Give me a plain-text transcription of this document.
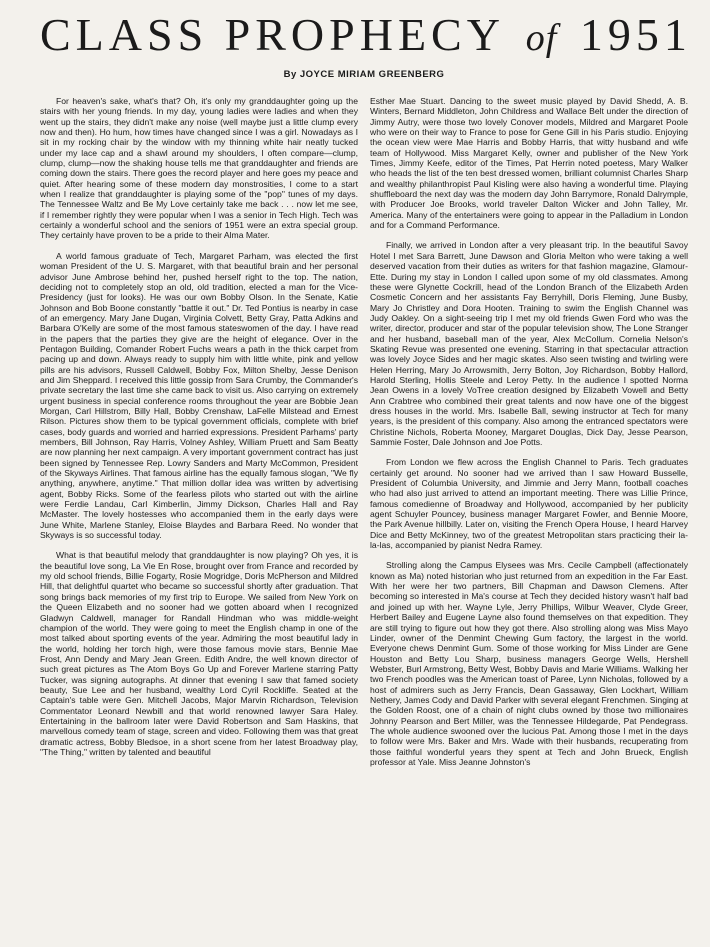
CLASS PROPHECY of 1951
By JOYCE MIRIAM GREENBERG

For heaven's sake, what's that? Oh, it's only my granddaughter going up the stairs with her young friends. In my day, young ladies were ladies and when they went up the stairs, they didn't make any noise (well maybe just a little clump every now and then). Ho hum, how times have changed since I was a girl. Nowadays as I sit in my rocking chair by the window with my thinning white hair neatly tucked under my lace cap and a shawl around my shoulders, I often compare—clump, clump, clump—now the shaking house tells me that granddaughter and friends are coming down the stairs. There goes the record player and here goes my peace and quiet. After hearing some of these modern day monstrosities, I come to a start when I realize that granddaughter is playing some of the "pop" tunes of my days. The Tennessee Waltz and Be My Love certainly take me back . . . now let me see, if I remember rightly they were popular when I was a senior in Tech High. Tech was certainly a wonderful school and the seniors of 1951 were an extra special group. They certainly have proven to be a pride to their Alma Mater.

A world famous graduate of Tech, Margaret Parham, was elected the first woman President of the U. S. Margaret, with that beautiful brain and her personal advisor June Ambrose behind her, pushed herself right to the top. The nation, deciding not to completely stop an old, old tradition, elected a man for the Vice-Presidency (just for looks). He was our own Bobby Olson. In the Senate, Katie Johnson and Bob Boone constantly "battle it out." Dr. Ted Pontius is nearby in case of an emergency. Mary Jane Dugan, Virginia Colvett, Betty Gray, Patta Adkins and Barbara O'Kelly are some of the most famous stateswomen of the day. I have read in the papers that the parties they give are the height of elegance. Over in the Pentagon Building, Comander Robert Fuchs wears a path in the thick carpet from pacing up and down. Always ready to supply him with little white, pink and yellow pills are his advisors, Russell Caldwell, Bobby Fox, Milton Shelby, Jesse Denison and Jim Sheppard. I received this little gossip from Sara Crumby, the Commander's private secretary the last time she came back to visit us. Also carrying on extremely urgent business in special conference rooms throughout the year are Bobbie Jean Morgan, Carl Hillstrom, Billy Hall, Bobby Crenshaw, LaFelle Milstead and Ernest Rilson. Pictures show them to be typical government officials, complete with brief cases, body guards and worried and harried expressions. President Parhams' party members, Bill Johnson, Ray Harris, Volney Ashley, William Pruett and Sam Beatty are now planning her next campaign. A very important government contract has just been signed by Tennessee Rep. Lowry Sanders and Marty McCommon, President of the Skyways Airlines. That famous airline has the equally famous slogan, "We fly anything, anywhere, anytime." That million dollar idea was written by advertising agent, Bobby Ricks. Some of the fearless pilots who started out with the airline were Ferdie Landau, Carl Kimberlin, Jimmy Dickson, Charles Hall and Ray McMaster. The lovely hostesses who accompanied them in the early days were June White, Marlene Stanley, Eloise Blaydes and Barbara Reed. No wonder that Skyways is so successful today.

What is that beautiful melody that granddaughter is now playing? Oh yes, it is the beautiful love song, La Vie En Rose, brought over from France and recorded by my old school friends, Billie Fogarty, Rosie Mogridge, Doris McPherson and Mildred Hill, that delightful quartet who became so successful shortly after graduation. That song brings back memories of my first trip to Europe. We sailed from New York on the Queen Elizabeth and no sooner had we gotten aboard when I recognized Gladwyn Caldwell, manager for Randall Hindman who was middle-weight champion of the world. They were going to meet the English champ in one of the most talked about sporting events of the year. Admiring the most beautiful lady in the world, holding her torch high, were those famous movie stars, Bennie Mae Frost, Ann Dendy and Mary Jean Green. Edith Andre, the well known director of such great pictures as The Atom Boys Go Up and Forever Marlene starring Patty Tucker, was signing autographs. At dinner that evening I saw that famed society beauty, Sue Lee and her husband, wealthy Lord Cyril Rockliffe. Seated at the Captain's table were Gen. Mitchell Jacobs, Major Marvin Richardson, Television Commentator Leonard Newbill and that world renowned lawyer Sara Haley. Entertaining in the ballroom later were David Robertson and Sam Haskins, that marvellous comedy team of stage, screen and video. Following them was that great dramatic actress, Bobby Bledsoe, in a short scene from her latest Broadway play, "The Thing," written by talented and beautiful

Esther Mae Stuart. Dancing to the sweet music played by David Shedd, A. B. Winters, Bernard Middleton, John Childress and Wallace Belt under the direction of Jimmy Autry, were those two lovely Conover models, Mildred and Margaret Poole who were on their way to France to pose for Gene Gill in his Paris studio. Enjoying the ocean view were Mae Harris and Bobby Harris, that witty husband and wife team of Hollywood. Miss Margaret Kelly, owner and publisher of the New York Times, Jimmy Keefe, editor of the Times, Pat Herrin noted poetess, Mary Walker who heads the list of the ten best dressed women, brilliant columnist Charles Sharp and wealthy philanthropist Paul Kisling were also having a wonderful time. Playing shuffleboard the next day was the modern day John Barrymore, Ronald Dalrymple, with Producer Joe Brooks, world traveler Dalton Wicker and John Talley, Mr. America. Many of the entertainers were going to appear in the Palladium in London and for a Command Performance.

Finally, we arrived in London after a very pleasant trip. In the beautiful Savoy Hotel I met Sara Barrett, June Dawson and Gloria Melton who were taking a well deserved vacation from their duties as writers for that fashion magazine, Glamour-Ette. During my stay in London I called upon some of my old classmates. Among these were Glynette Cockrill, head of the London Branch of the Elizabeth Arden Cosmetic Concern and her assistants Fay Berryhill, Doris Fleming, June Busby, Mary Jo Christley and Dora Hooten. Training to swim the English Channel was Judy Oakley. On a sight-seeing trip I met my old friends Gwen Ford who was the writer, director, producer and star of the popular television show, The Lone Stranger and her husband, baseball man of the year, Alex McCollum. Cornelia Nelson's Skating Revue was presented one evening. Starring in that spectacular attraction was lovely Joyce Sides and her magic skates. Also seen twisting and twirling were Helen Herring, Mary Jo Arrowsmith, Jerry Bolton, Joy Richardson, Bobby Hallord, Harold Sterling, Hollis Steele and Leroy Petty. In the audience I spotted Norma Jean Owens in a lovely VoTree creation designed by Elizabeth Vowell and Betty Ann Crabtree who combined their great talents and now have one of the biggest dress houses in the world. Mrs. Isabelle Ball, sewing instructor at Tech for many years, is the president of this company. Also among the entranced spectators were Christine Nichols, Roberta Mooney, Margaret Douglas, Dick Day, Jesse Pearson, Sammie Foster, Dale Johnson and Joe Potts.

From London we flew across the English Channel to Paris. Tech graduates certainly get around. No sooner had we arrived than I saw Howard Busselle, President of Columbia University, and Jimmie and Jerry Mann, football coaches who had also just arrived to attend an important meeting. There was Lillie Prince, famous comedienne of Broadway and Hollywood, accompanied by her publicity agent Schuyler Pouncey, business manager Margaret Fowler, and Bennie Moore, the Park Avenue hillbilly. Later on, visiting the French Opera House, I heard Harvey Dice and Betty McKinney, two of the greatest Metropolitan stars practicing their la-la-las, accompanied by pianist Nedra Ramey.

Strolling along the Campus Elysees was Mrs. Cecile Campbell (affectionately known as Ma) noted historian who just returned from an expedition in the Far East. With her were her two partners, Bill Chapman and Dawson Clemens. After becoming so interested in Ma's course at Tech they decided history wasn't half bad and joined up with her. Wayne Lyle, Jerry Phillips, Wilbur Weaver, Clyde Greer, Herbert Bailey and Eugene Layne also found themselves on that expedition. They are still trying to figure out how they got there. Also strolling along was Miss Mayo Linder, owner of the Denmint Chewing Gum factory, the largest in the world. Everyone chews Denmint Gum. Some of those working for Miss Linder are Gene Houston and Betty Lou Sharp, business managers George Wells, Hershell Webster, Burl Armstrong, Betty West, Bobby Davis and Marie Williams. Walking her two French poodles was the American toast of Paree, Lynn Nicholas, followed by a host of admirers such as Jerry Francis, Dean Gassaway, Glen Lockhart, William Nethery, James Cody and David Parker with several elegant Frenchmen. Singing at the Golden Roost, one of a chain of night clubs owned by those two millionaires Johnny Pearson and Bert Miller, was the Tennessee Hildegarde, Pat Pendegrass. The whole audience swooned over the lucious Pat. Among those I met in the days to follow were Mrs. Baker and Mrs. Wade with their husbands, recuperating from those faithful wonderful years they spent at Tech and John Brueck, English professor at Yale. Miss Jeanne Johnston's
